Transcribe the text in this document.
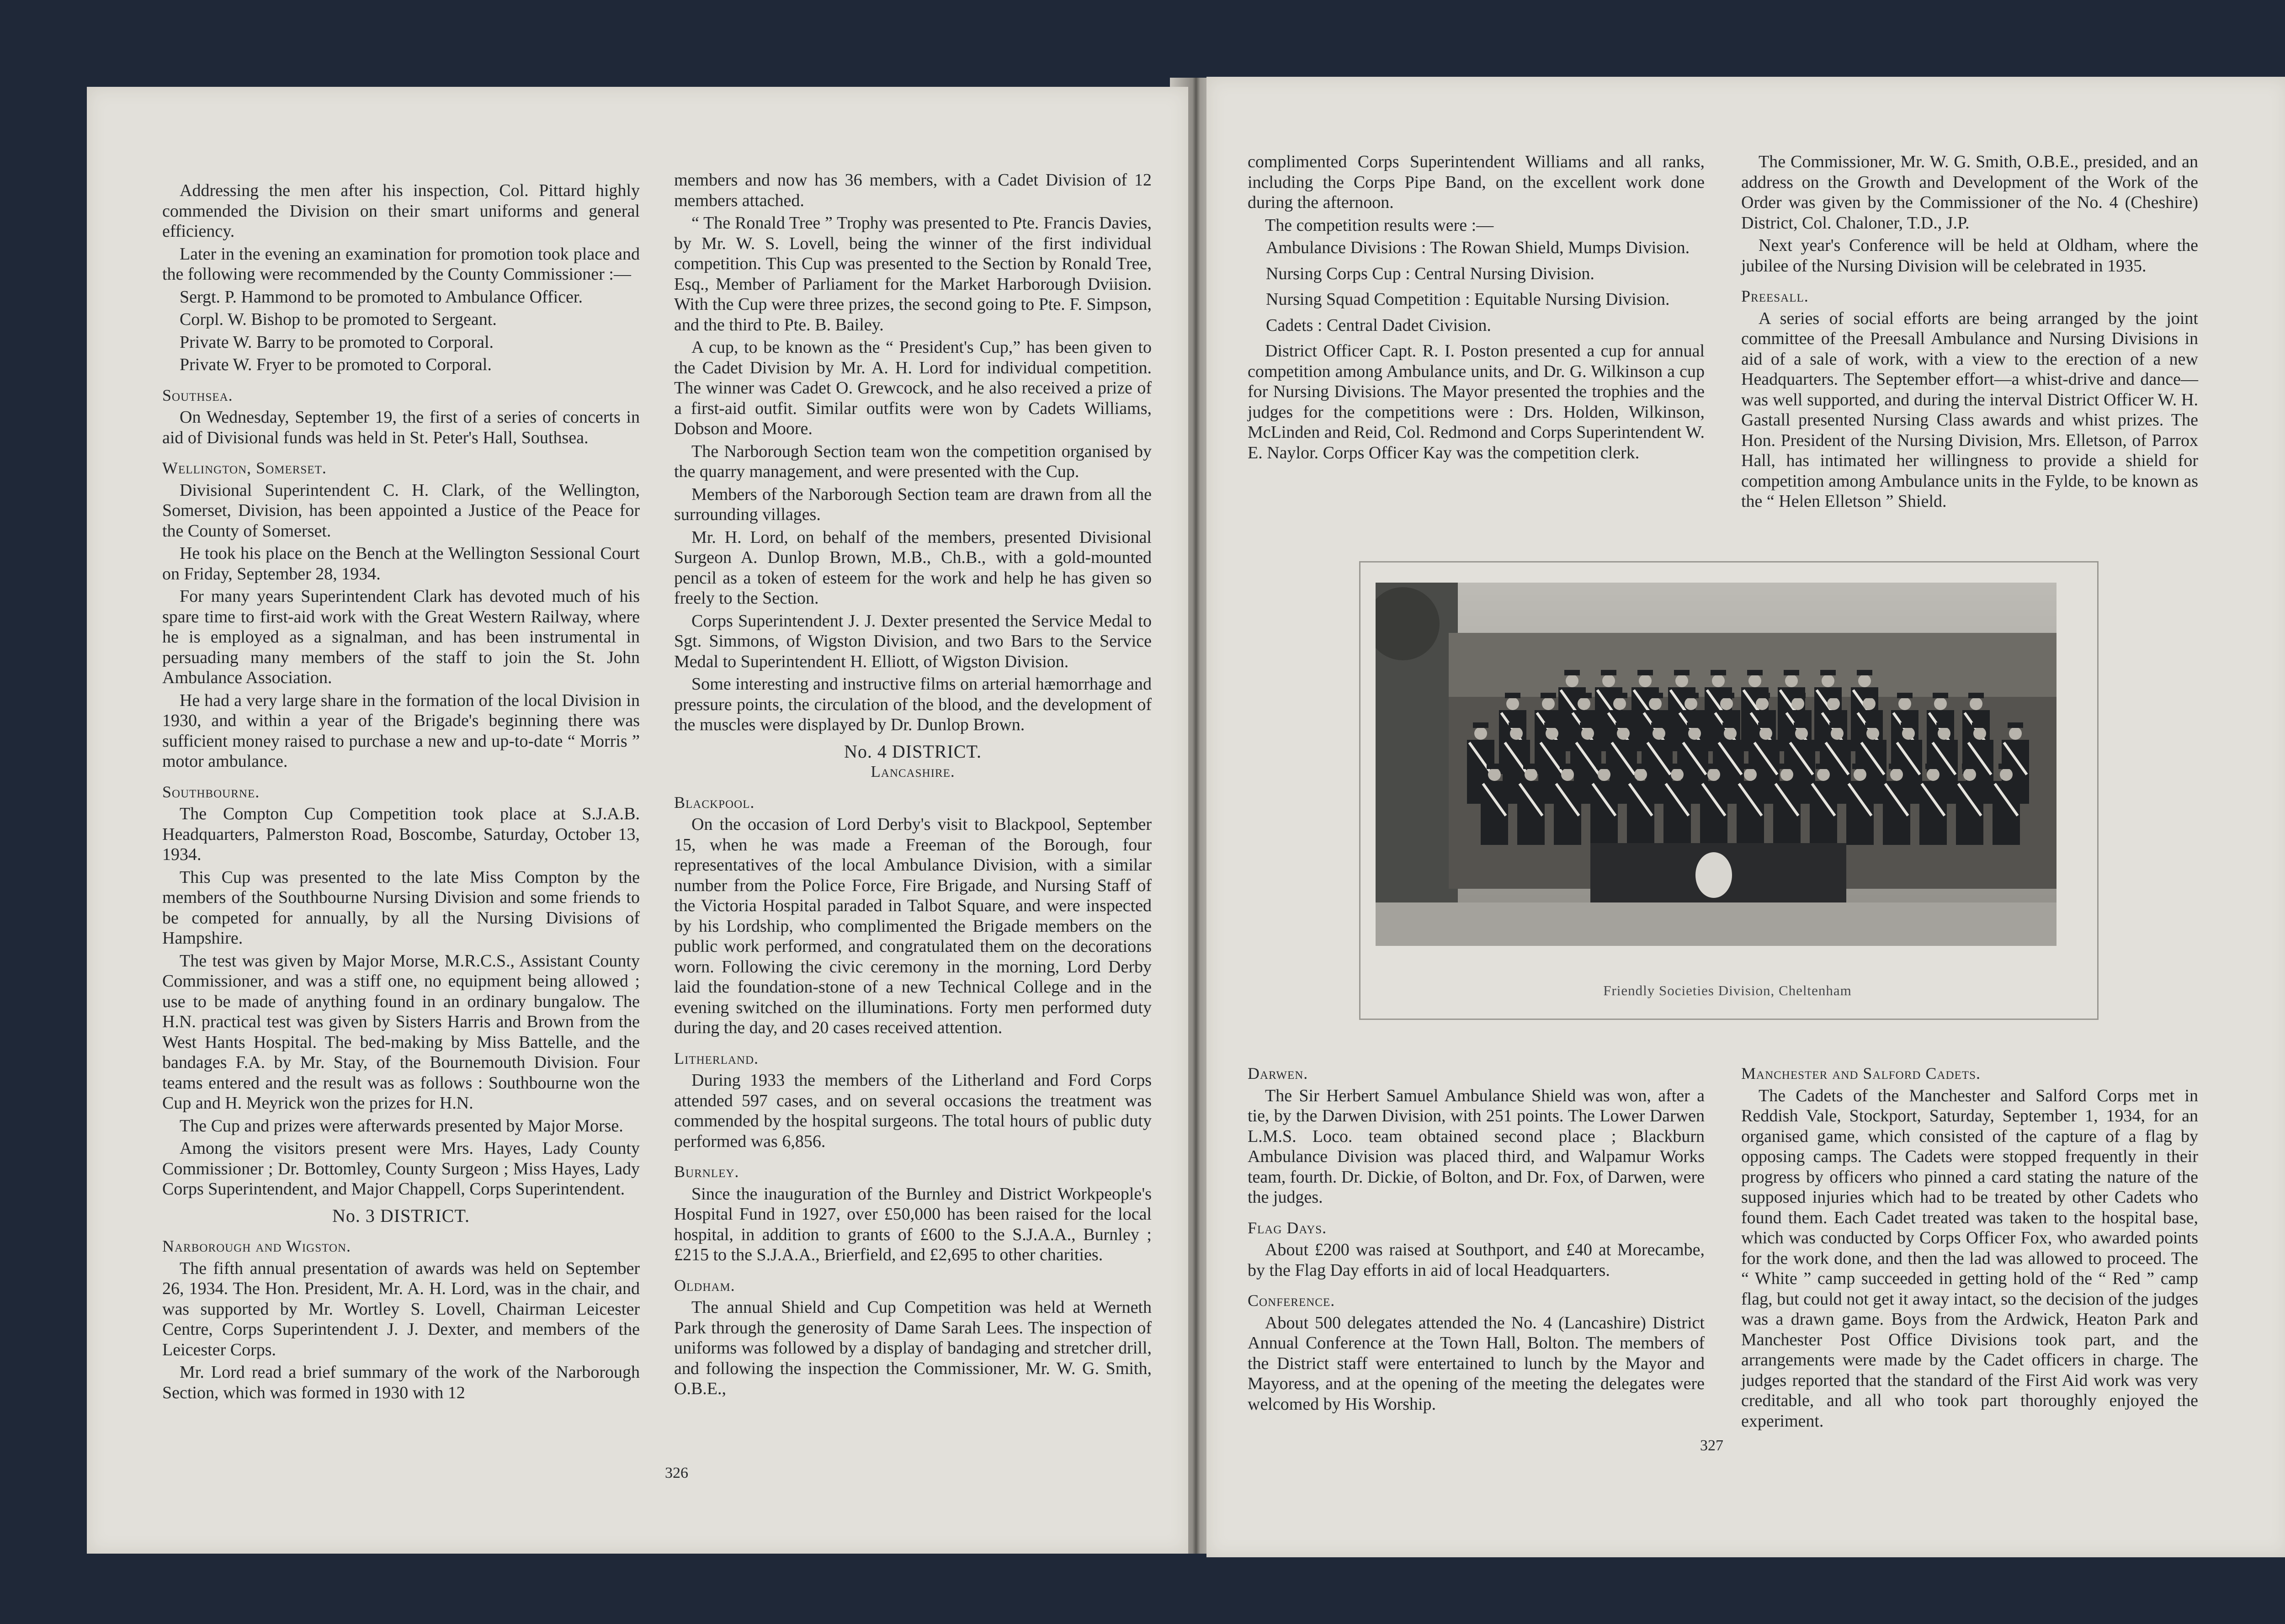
Addressing the men after his inspection, Col. Pittard highly commended the Division on their smart uniforms and general efficiency.

Later in the evening an examination for promotion took place and the following were recommended by the County Commissioner :—

Sergt. P. Hammond to be promoted to Ambulance Officer.

Corpl. W. Bishop to be promoted to Sergeant.

Private W. Barry to be promoted to Corporal.

Private W. Fryer to be promoted to Corporal.

Southsea.

On Wednesday, September 19, the first of a series of concerts in aid of Divisional funds was held in St. Peter's Hall, Southsea.

Wellington, Somerset.

Divisional Superintendent C. H. Clark, of the Wellington, Somerset, Division, has been appointed a Justice of the Peace for the County of Somerset.

He took his place on the Bench at the Wellington Sessional Court on Friday, September 28, 1934.

For many years Superintendent Clark has devoted much of his spare time to first-aid work with the Great Western Railway, where he is employed as a signalman, and has been instrumental in persuading many members of the staff to join the St. John Ambulance Association.

He had a very large share in the formation of the local Division in 1930, and within a year of the Brigade's beginning there was sufficient money raised to purchase a new and up-to-date “ Morris ” motor ambulance.

Southbourne.

The Compton Cup Competition took place at S.J.A.B. Headquarters, Palmerston Road, Boscombe, Saturday, October 13, 1934.

This Cup was presented to the late Miss Compton by the members of the Southbourne Nursing Division and some friends to be competed for annually, by all the Nursing Divisions of Hampshire.

The test was given by Major Morse, M.R.C.S., Assistant County Commissioner, and was a stiff one, no equipment being allowed ; use to be made of anything found in an ordinary bungalow. The H.N. practical test was given by Sisters Harris and Brown from the West Hants Hospital. The bed-making by Miss Battelle, and the bandages F.A. by Mr. Stay, of the Bournemouth Division. Four teams entered and the result was as follows : Southbourne won the Cup and H. Meyrick won the prizes for H.N.

The Cup and prizes were afterwards presented by Major Morse.

Among the visitors present were Mrs. Hayes, Lady County Commissioner ; Dr. Bottomley, County Surgeon ; Miss Hayes, Lady Corps Superintendent, and Major Chappell, Corps Superintendent.

No. 3 DISTRICT.
Narborough and Wigston.

The fifth annual presentation of awards was held on September 26, 1934. The Hon. President, Mr. A. H. Lord, was in the chair, and was supported by Mr. Wortley S. Lovell, Chairman Leicester Centre, Corps Superintendent J. J. Dexter, and members of the Leicester Corps.

Mr. Lord read a brief summary of the work of the Narborough Section, which was formed in 1930 with 12

members and now has 36 members, with a Cadet Division of 12 members attached.

“ The Ronald Tree ” Trophy was presented to Pte. Francis Davies, by Mr. W. S. Lovell, being the winner of the first individual competition. This Cup was presented to the Section by Ronald Tree, Esq., Member of Parliament for the Market Harborough Dviision. With the Cup were three prizes, the second going to Pte. F. Simpson, and the third to Pte. B. Bailey.

A cup, to be known as the “ President's Cup,” has been given to the Cadet Division by Mr. A. H. Lord for individual competition. The winner was Cadet O. Grewcock, and he also received a prize of a first-aid outfit. Similar outfits were won by Cadets Williams, Dobson and Moore.

The Narborough Section team won the competition organised by the quarry management, and were presented with the Cup.

Members of the Narborough Section team are drawn from all the surrounding villages.

Mr. H. Lord, on behalf of the members, presented Divisional Surgeon A. Dunlop Brown, M.B., Ch.B., with a gold-mounted pencil as a token of esteem for the work and help he has given so freely to the Section.

Corps Superintendent J. J. Dexter presented the Service Medal to Sgt. Simmons, of Wigston Division, and two Bars to the Service Medal to Superintendent H. Elliott, of Wigston Division.

Some interesting and instructive films on arterial hæmorrhage and pressure points, the circulation of the blood, and the development of the muscles were displayed by Dr. Dunlop Brown.

No. 4 DISTRICT.
Lancashire.
Blackpool.

On the occasion of Lord Derby's visit to Blackpool, September 15, when he was made a Freeman of the Borough, four representatives of the local Ambulance Division, with a similar number from the Police Force, Fire Brigade, and Nursing Staff of the Victoria Hospital paraded in Talbot Square, and were inspected by his Lordship, who complimented the Brigade members on the public work performed, and congratulated them on the decorations worn. Following the civic ceremony in the morning, Lord Derby laid the foundation-stone of a new Technical College and in the evening switched on the illuminations. Forty men performed duty during the day, and 20 cases received attention.

Litherland.

During 1933 the members of the Litherland and Ford Corps attended 597 cases, and on several occasions the treatment was commended by the hospital surgeons. The total hours of public duty performed was 6,856.

Burnley.

Since the inauguration of the Burnley and District Workpeople's Hospital Fund in 1927, over £50,000 has been raised for the local hospital, in addition to grants of £600 to the S.J.A.A., Burnley ; £215 to the S.J.A.A., Brierfield, and £2,695 to other charities.

Oldham.

The annual Shield and Cup Competition was held at Werneth Park through the generosity of Dame Sarah Lees. The inspection of uniforms was followed by a display of bandaging and stretcher drill, and following the inspection the Commissioner, Mr. W. G. Smith, O.B.E.,

326

complimented Corps Superintendent Williams and all ranks, including the Corps Pipe Band, on the excellent work done during the afternoon.

The competition results were :—

Ambulance Divisions : The Rowan Shield, Mumps Division.

Nursing Corps Cup : Central Nursing Division.

Nursing Squad Competition : Equitable Nursing Division.

Cadets : Central Dadet Civision.

District Officer Capt. R. I. Poston presented a cup for annual competition among Ambulance units, and Dr. G. Wilkinson a cup for Nursing Divisions. The Mayor presented the trophies and the judges for the competitions were : Drs. Holden, Wilkinson, McLinden and Reid, Col. Redmond and Corps Superintendent W. E. Naylor. Corps Officer Kay was the competition clerk.

The Commissioner, Mr. W. G. Smith, O.B.E., presided, and an address on the Growth and Development of the Work of the Order was given by the Commissioner of the No. 4 (Cheshire) District, Col. Chaloner, T.D., J.P.

Next year's Conference will be held at Oldham, where the jubilee of the Nursing Division will be celebrated in 1935.

Preesall.

A series of social efforts are being arranged by the joint committee of the Preesall Ambulance and Nursing Divisions in aid of a sale of work, with a view to the erection of a new Headquarters. The September effort—a whist-drive and dance—was well supported, and during the interval District Officer W. H. Gastall presented Nursing Class awards and whist prizes. The Hon. President of the Nursing Division, Mrs. Elletson, of Parrox Hall, has intimated her willingness to provide a shield for competition among Ambulance units in the Fylde, to be known as the “ Helen Elletson ” Shield.

Friendly Societies Division, Cheltenham
Darwen.

The Sir Herbert Samuel Ambulance Shield was won, after a tie, by the Darwen Division, with 251 points. The Lower Darwen L.M.S. Loco. team obtained second place ; Blackburn Ambulance Division was placed third, and Walpamur Works team, fourth. Dr. Dickie, of Bolton, and Dr. Fox, of Darwen, were the judges.

Flag Days.

About £200 was raised at Southport, and £40 at Morecambe, by the Flag Day efforts in aid of local Headquarters.

Conference.

About 500 delegates attended the No. 4 (Lancashire) District Annual Conference at the Town Hall, Bolton. The members of the District staff were entertained to lunch by the Mayor and Mayoress, and at the opening of the meeting the delegates were welcomed by His Worship.

Manchester and Salford Cadets.

The Cadets of the Manchester and Salford Corps met in Reddish Vale, Stockport, Saturday, September 1, 1934, for an organised game, which consisted of the capture of a flag by opposing camps. The Cadets were stopped frequently in their progress by officers who pinned a card stating the nature of the supposed injuries which had to be treated by other Cadets who found them. Each Cadet treated was taken to the hospital base, which was conducted by Corps Officer Fox, who awarded points for the work done, and then the lad was allowed to proceed. The “ White ” camp succeeded in getting hold of the “ Red ” camp flag, but could not get it away intact, so the decision of the judges was a drawn game. Boys from the Ardwick, Heaton Park and Manchester Post Office Divisions took part, and the arrangements were made by the Cadet officers in charge. The judges reported that the standard of the First Aid work was very creditable, and all who took part thoroughly enjoyed the experiment.

327
